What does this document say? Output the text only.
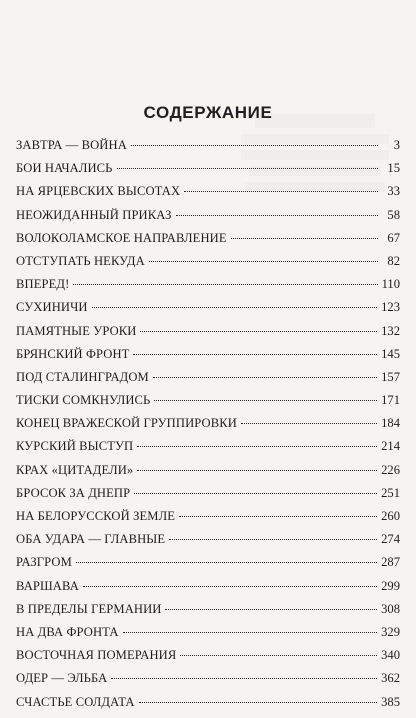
СОДЕРЖАНИЕ
ЗАВТРА — ВОЙНА	3
БОИ НАЧАЛИСЬ	15
НА ЯРЦЕВСКИХ ВЫСОТАХ	33
НЕОЖИДАННЫЙ ПРИКАЗ	58
ВОЛОКОЛАМСКОЕ НАПРАВЛЕНИЕ	67
ОТСТУПАТЬ НЕКУДА	82
ВПЕРЕД!	110
СУХИНИЧИ	123
ПАМЯТНЫЕ УРОКИ	132
БРЯНСКИЙ ФРОНТ	145
ПОД СТАЛИНГРАДОМ	157
ТИСКИ СОМКНУЛИСЬ	171
КОНЕЦ ВРАЖЕСКОЙ ГРУППИРОВКИ	184
КУРСКИЙ ВЫСТУП	214
КРАХ «ЦИТАДЕЛИ»	226
БРОСОК ЗА ДНЕПР	251
НА БЕЛОРУССКОЙ ЗЕМЛЕ	260
ОБА УДАРА — ГЛАВНЫЕ	274
РАЗГРОМ	287
ВАРШАВА	299
В ПРЕДЕЛЫ ГЕРМАНИИ	308
НА ДВА ФРОНТА	329
ВОСТОЧНАЯ ПОМЕРАНИЯ	340
ОДЕР — ЭЛЬБА	362
СЧАСТЬЕ СОЛДАТА	385
